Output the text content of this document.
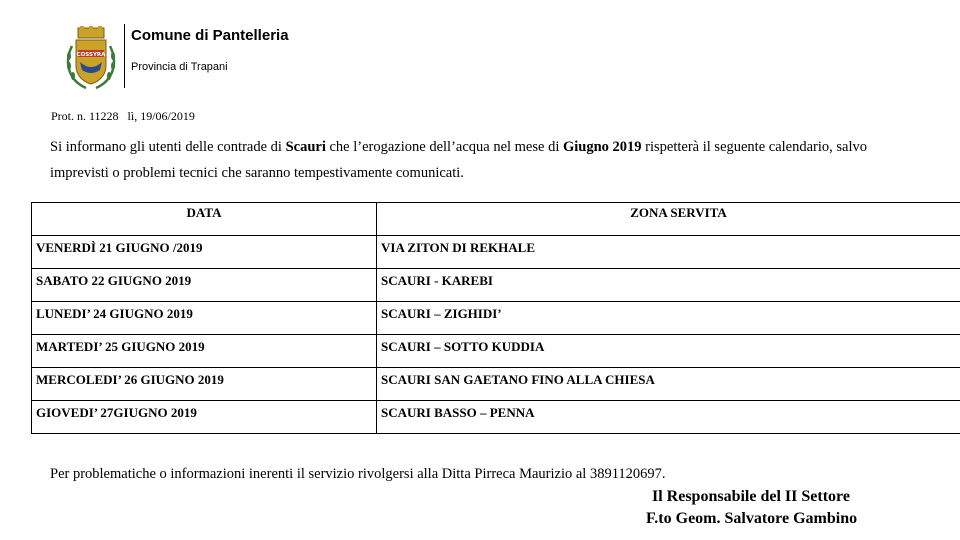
COSSYRA
Comune di Pantelleria
Provincia di Trapani
Prot. n. 11228   lì, 19/06/2019
Si informano gli utenti delle contrade di Scauri che l’erogazione dell’acqua nel mese di Giugno 2019 rispetterà il seguente calendario, salvo
imprevisti o problemi tecnici che saranno tempestivamente comunicati.
DATA	ZONA SERVITA
VENERDÌ 21 GIUGNO /2019	VIA ZITON DI REKHALE
SABATO 22 GIUGNO 2019	SCAURI - KAREBI
LUNEDI’ 24 GIUGNO 2019	SCAURI – ZIGHIDI’
MARTEDI’ 25 GIUGNO 2019	SCAURI – SOTTO KUDDIA
MERCOLEDI’ 26 GIUGNO 2019	SCAURI SAN GAETANO FINO ALLA CHIESA
GIOVEDI’ 27GIUGNO 2019	SCAURI BASSO – PENNA
Per problematiche o informazioni inerenti il servizio rivolgersi alla Ditta Pirreca Maurizio al 3891120697.
Il Responsabile del II Settore
F.to Geom. Salvatore Gambino
